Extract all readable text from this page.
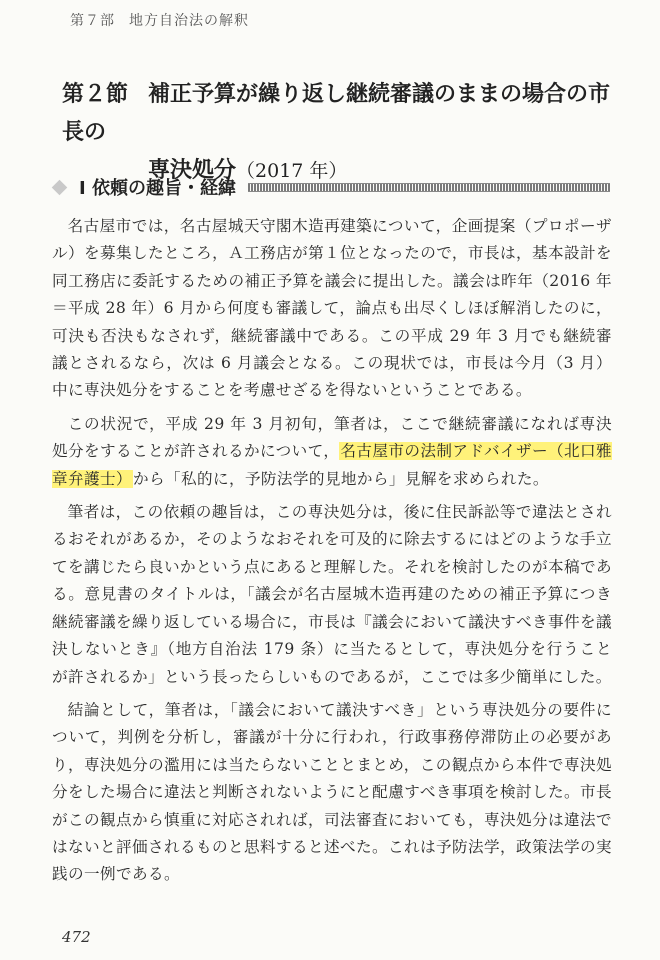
第７部 地方自治法の解釈
第２節 補正予算が繰り返し継続審議のままの場合の市長の
専決処分（2017 年）
Ⅰ 依頼の趣旨・経緯

名古屋市では，名古屋城天守閣木造再建築について，企画提案（プロポーザル）を募集したところ，Ａ工務店が第１位となったので，市長は，基本設計を同工務店に委託するための補正予算を議会に提出した。議会は昨年（2016 年＝平成 28 年）6 月から何度も審議して，論点も出尽くしほぼ解消したのに，可決も否決もなされず，継続審議中である。この平成 29 年 3 月でも継続審議とされるなら，次は 6 月議会となる。この現状では，市長は今月（3 月）中に専決処分をすることを考慮せざるを得ないということである。

この状況で，平成 29 年 3 月初旬，筆者は，ここで継続審議になれば専決処分をすることが許されるかについて，名古屋市の法制アドバイザー（北口雅章弁護士）から「私的に，予防法学的見地から」見解を求められた。

筆者は，この依頼の趣旨は，この専決処分は，後に住民訴訟等で違法とされるおそれがあるか，そのようなおそれを可及的に除去するにはどのような手立てを講じたら良いかという点にあると理解した。それを検討したのが本稿である。意見書のタイトルは，「議会が名古屋城木造再建のための補正予算につき継続審議を繰り返している場合に，市長は『議会において議決すべき事件を議決しないとき』（地方自治法 179 条）に当たるとして，専決処分を行うことが許されるか」という長ったらしいものであるが，ここでは多少簡単にした。

結論として，筆者は，「議会において議決すべき」という専決処分の要件について，判例を分析し，審議が十分に行われ，行政事務停滞防止の必要があり，専決処分の濫用には当たらないこととまとめ，この観点から本件で専決処分をした場合に違法と判断されないようにと配慮すべき事項を検討した。市長がこの観点から慎重に対応されれば，司法審査においても，専決処分は違法ではないと評価されるものと思料すると述べた。これは予防法学，政策法学の実践の一例である。

472
